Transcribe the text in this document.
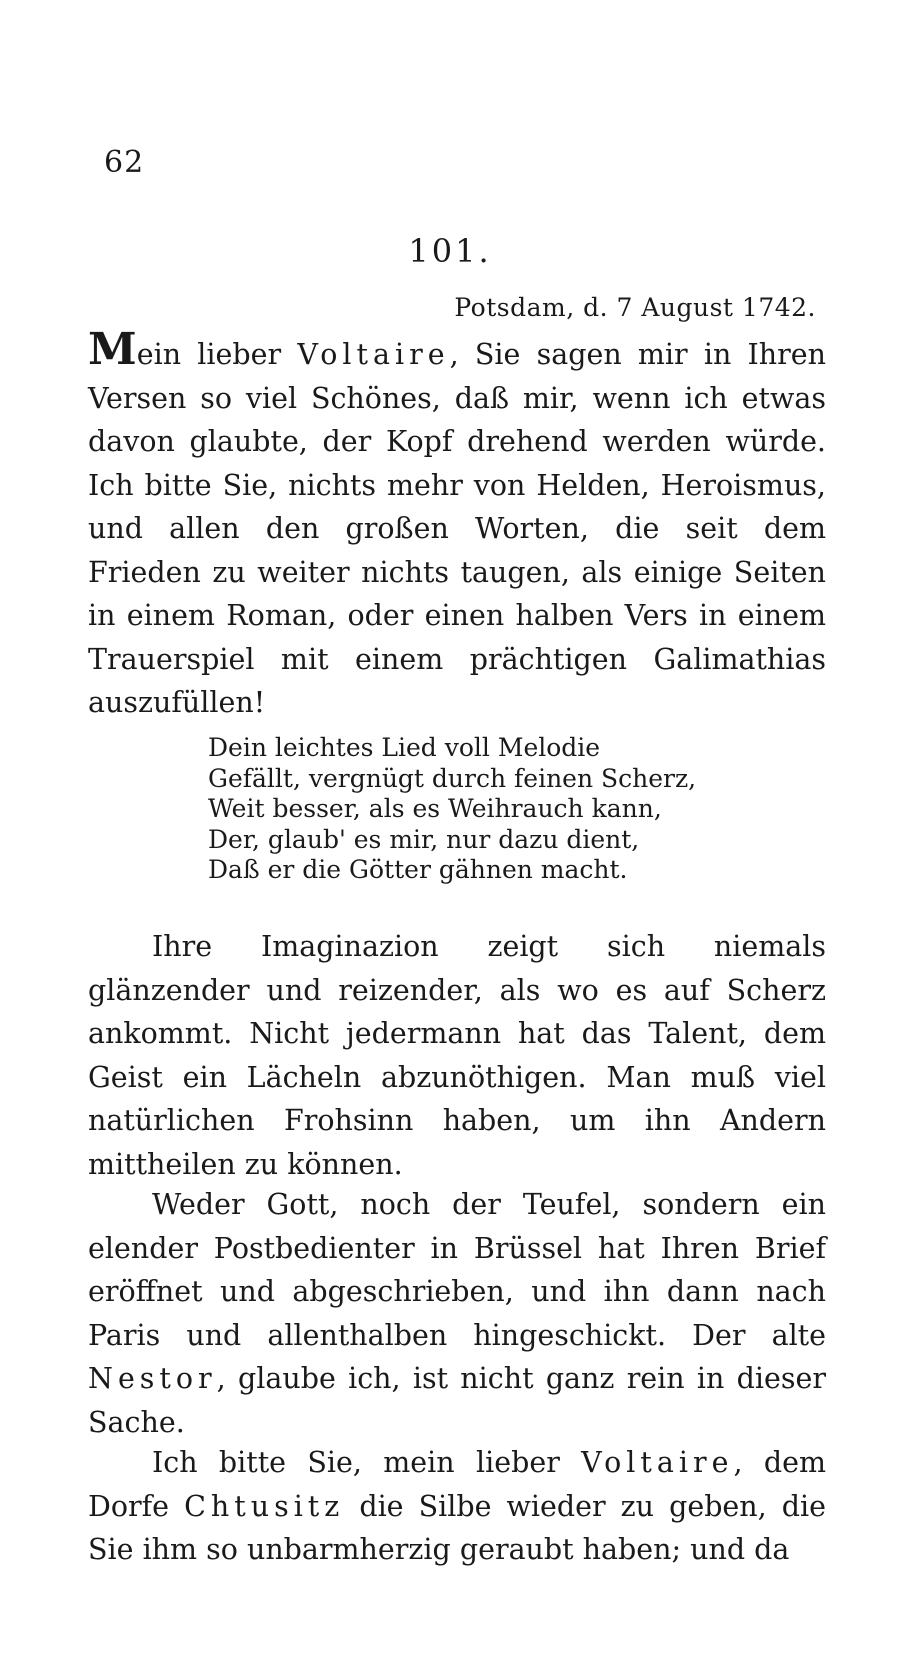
62
101.
Potsdam, d. 7 August 1742.

Mein lieber Voltaire, Sie sagen mir in Ihren Versen so viel Schönes, daß mir, wenn ich etwas davon glaubte, der Kopf drehend werden würde. Ich bitte Sie, nichts mehr von Helden, Heroismus, und allen den großen Worten, die seit dem Frieden zu weiter nichts taugen, als einige Seiten in einem Roman, oder einen halben Vers in einem Trauerspiel mit einem prächtigen Galimathias auszufüllen!

Dein leichtes Lied voll Melodie
Gefällt, vergnügt durch feinen Scherz,
Weit besser, als es Weihrauch kann,
Der, glaub' es mir, nur dazu dient,
Daß er die Götter gähnen macht.

Ihre Imaginazion zeigt sich niemals glänzender und reizender, als wo es auf Scherz ankommt. Nicht jedermann hat das Talent, dem Geist ein Lächeln abzunöthigen. Man muß viel natürlichen Frohsinn haben, um ihn Andern mittheilen zu können.

Weder Gott, noch der Teufel, sondern ein elender Postbedienter in Brüssel hat Ihren Brief eröffnet und abgeschrieben, und ihn dann nach Paris und allenthalben hingeschickt. Der alte Nestor, glaube ich, ist nicht ganz rein in dieser Sache.

Ich bitte Sie, mein lieber Voltaire, dem Dorfe Chtusitz die Silbe wieder zu geben, die Sie ihm so unbarmherzig geraubt haben; und da
